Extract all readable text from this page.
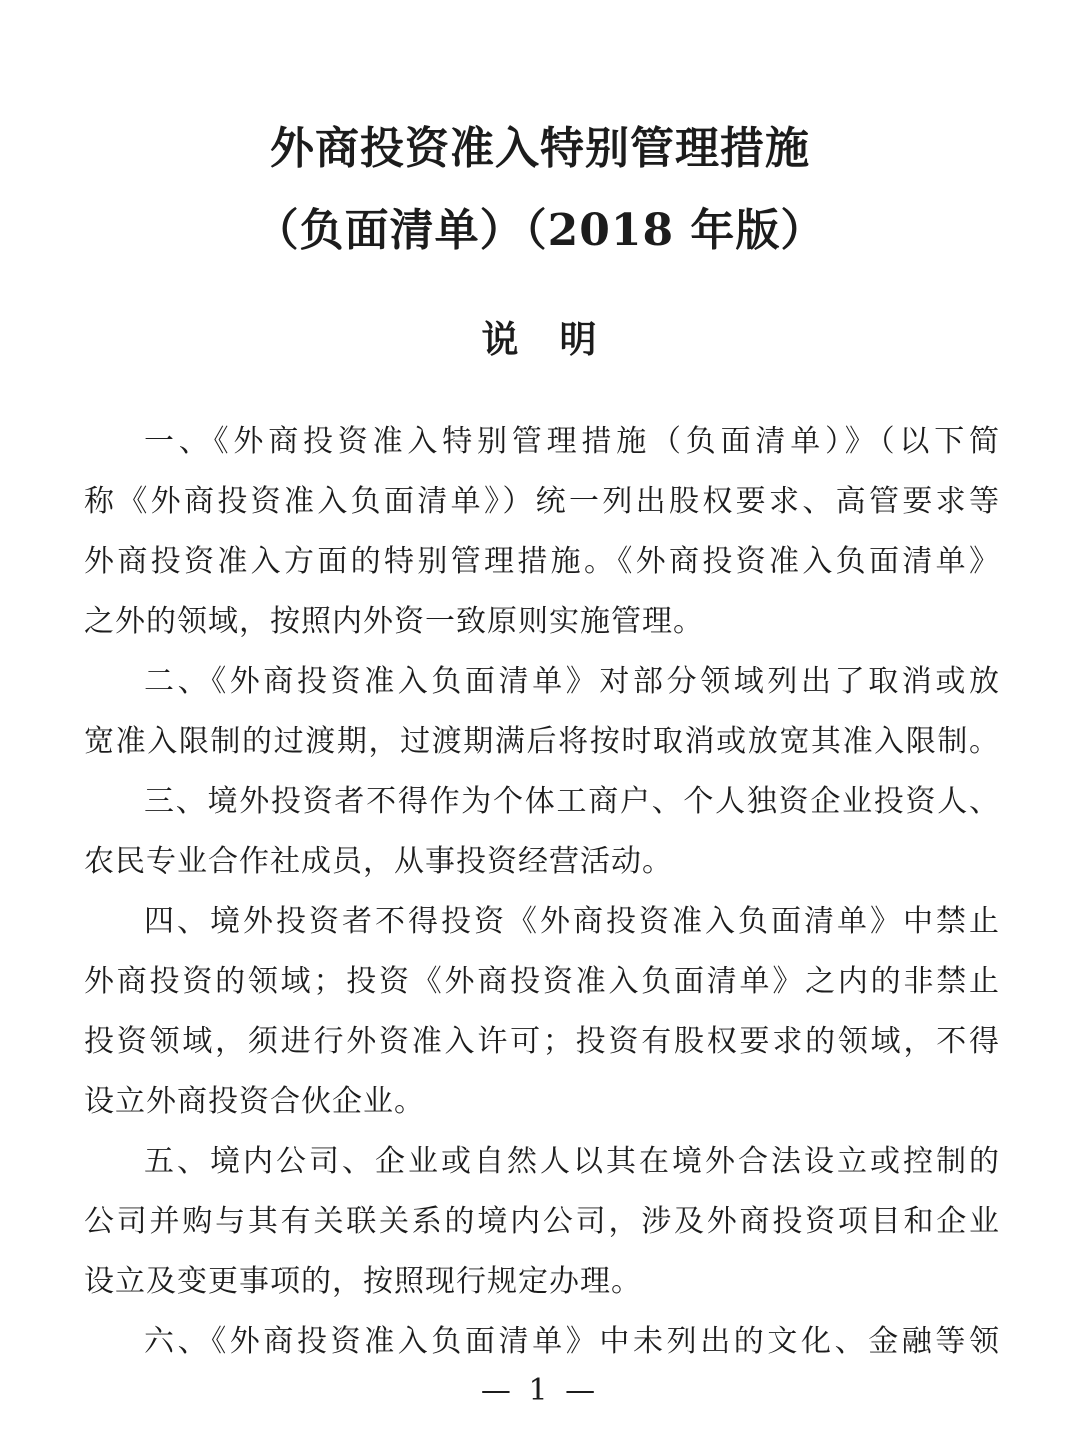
外商投资准入特别管理措施
（负面清单）（2018 年版）
说　明
一、《外商投资准入特别管理措施（负面清单）》（以下简
称《外商投资准入负面清单》）统一列出股权要求、高管要求等
外商投资准入方面的特别管理措施。《外商投资准入负面清单》
之外的领域，按照内外资一致原则实施管理。
二、《外商投资准入负面清单》对部分领域列出了取消或放
宽准入限制的过渡期，过渡期满后将按时取消或放宽其准入限制。
三、境外投资者不得作为个体工商户、个人独资企业投资人、
农民专业合作社成员，从事投资经营活动。
四、境外投资者不得投资《外商投资准入负面清单》中禁止
外商投资的领域；投资《外商投资准入负面清单》之内的非禁止
投资领域，须进行外资准入许可；投资有股权要求的领域，不得
设立外商投资合伙企业。
五、境内公司、企业或自然人以其在境外合法设立或控制的
公司并购与其有关联关系的境内公司，涉及外商投资项目和企业
设立及变更事项的，按照现行规定办理。
六、《外商投资准入负面清单》中未列出的文化、金融等领
— 1 —
